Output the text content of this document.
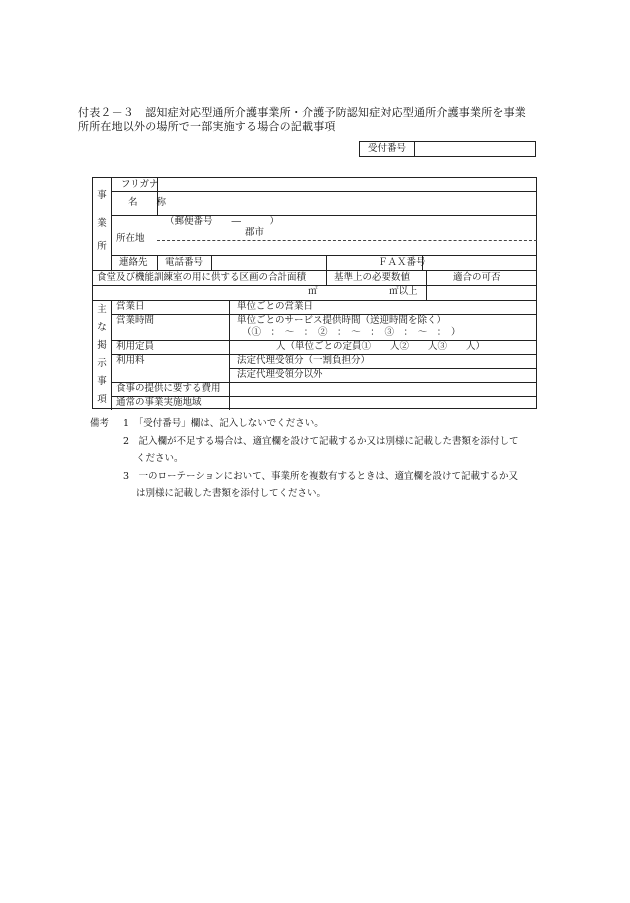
付表２－３　認知症対応型通所介護事業所・介護予防認知症対応型通所介護事業所を事業
所所在地以外の場所で一部実施する場合の記載事項
受付番号
事
業
所
フリガナ
名　　称
所在地
（郵便番号　　―　　　）
郡市
連絡先 電話番号	ＦＡＸ番号
食堂及び機能訓練室の用に供する区画の合計面積	基準上の必要数値	適合の可否
㎡	㎡以上
主
な
掲
示
事
項
営業日	単位ごとの営業日
営業時間	単位ごとのサービス提供時間（送迎時間を除く）
（①　：　～　：　②　：　～　：　③　：　～　：　）
利用定員	人（単位ごとの定員①　　人②　　人③　　人）
利用料	法定代理受領分（一割負担分）
法定代理受領分以外
食事の提供に要する費用
通常の事業実施地域
備考 1　「受付番号」欄は、記入しないでください。
2　記入欄が不足する場合は、適宜欄を設けて記載するか又は別様に記載した書類を添付して
ください。
3　一のローテーションにおいて、事業所を複数有するときは、適宜欄を設けて記載するか又
は別様に記載した書類を添付してください。
